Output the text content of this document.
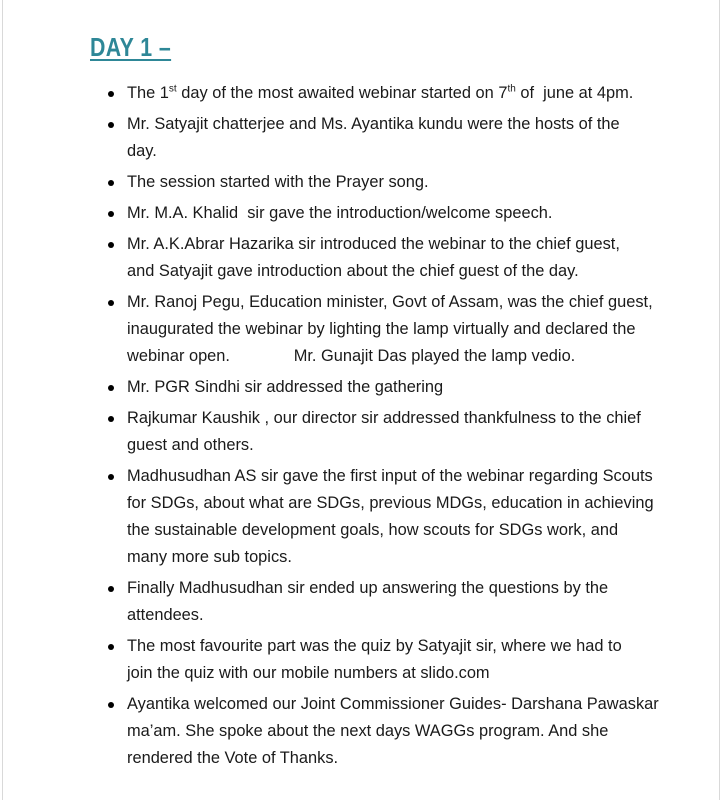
DAY 1 –
The 1st day of the most awaited webinar started on 7th of  june at 4pm.
Mr. Satyajit chatterjee and Ms. Ayantika kundu were the hosts of the
day.
The session started with the Prayer song.
Mr. M.A. Khalid  sir gave the introduction/welcome speech.
Mr. A.K.Abrar Hazarika sir introduced the webinar to the chief guest,
and Satyajit gave introduction about the chief guest of the day.
Mr. Ranoj Pegu, Education minister, Govt of Assam, was the chief guest,
inaugurated the webinar by lighting the lamp virtually and declared the
webinar open.              Mr. Gunajit Das played the lamp vedio.
Mr. PGR Sindhi sir addressed the gathering
Rajkumar Kaushik , our director sir addressed thankfulness to the chief
guest and others.
Madhusudhan AS sir gave the first input of the webinar regarding Scouts
for SDGs, about what are SDGs, previous MDGs, education in achieving
the sustainable development goals, how scouts for SDGs work, and
many more sub topics.
Finally Madhusudhan sir ended up answering the questions by the
attendees.
The most favourite part was the quiz by Satyajit sir, where we had to
join the quiz with our mobile numbers at slido.com
Ayantika welcomed our Joint Commissioner Guides- Darshana Pawaskar
ma’am. She spoke about the next days WAGGs program. And she
rendered the Vote of Thanks.
